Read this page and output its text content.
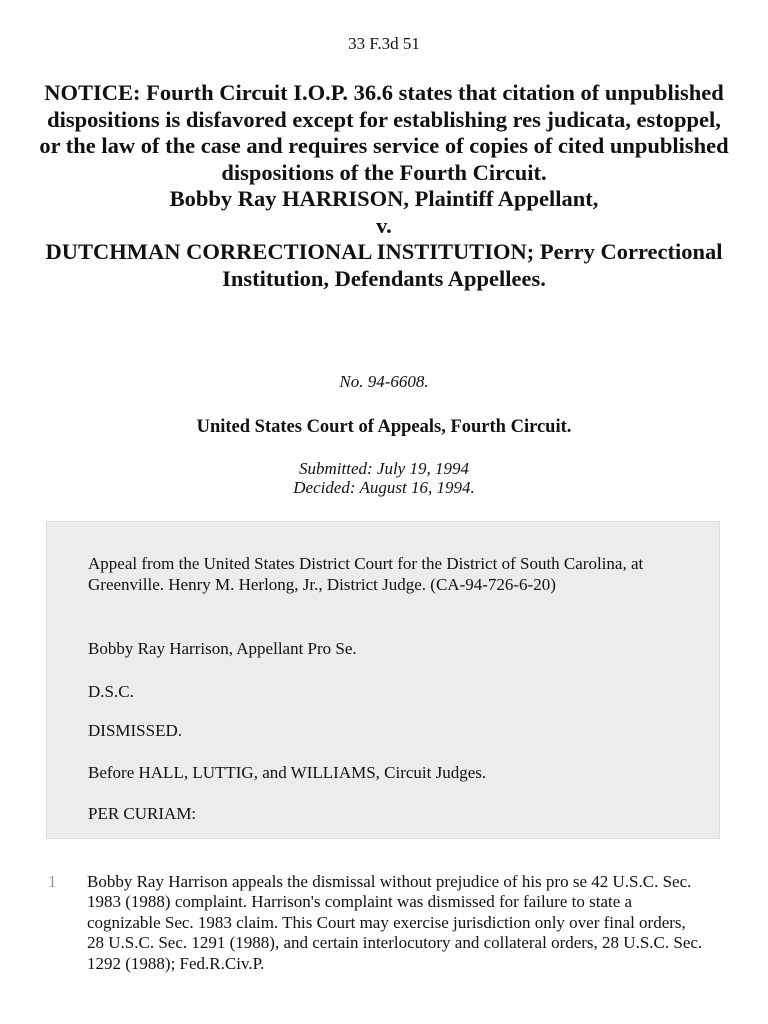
33 F.3d 51
NOTICE: Fourth Circuit I.O.P. 36.6 states that citation of unpublished dispositions is disfavored except for establishing res judicata, estoppel, or the law of the case and requires service of copies of cited unpublished dispositions of the Fourth Circuit.
Bobby Ray HARRISON, Plaintiff Appellant,
v.
DUTCHMAN CORRECTIONAL INSTITUTION; Perry Correctional
Institution, Defendants Appellees.
No. 94-6608.
United States Court of Appeals, Fourth Circuit.
Submitted: July 19, 1994
Decided: August 16, 1994.

Appeal from the United States District Court for the District of South Carolina, at Greenville. Henry M. Herlong, Jr., District Judge. (CA-94-726-6-20)

Bobby Ray Harrison, Appellant Pro Se.

D.S.C.

DISMISSED.

Before HALL, LUTTIG, and WILLIAMS, Circuit Judges.

PER CURIAM:

1 Bobby Ray Harrison appeals the dismissal without prejudice of his pro se 42 U.S.C. Sec. 1983 (1988) complaint. Harrison's complaint was dismissed for failure to state a cognizable Sec. 1983 claim. This Court may exercise jurisdiction only over final orders, 28 U.S.C. Sec. 1291 (1988), and certain interlocutory and collateral orders, 28 U.S.C. Sec. 1292 (1988); Fed.R.Civ.P.
